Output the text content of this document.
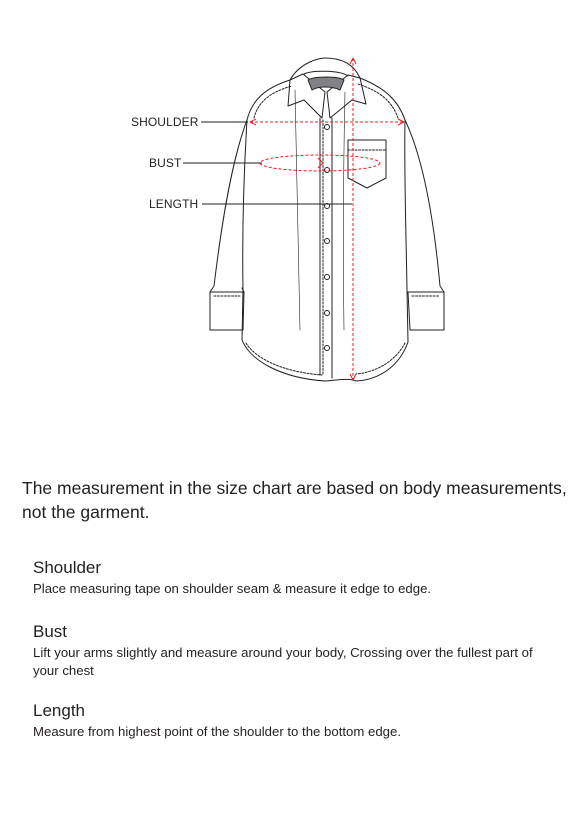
SHOULDER
BUST
LENGTH
The measurement in the size chart are based on body measurements, not the garment.
Shoulder
Place measuring tape on shoulder seam & measure it edge to edge.
Bust
Lift your arms slightly and measure around your body, Crossing over the fullest part of your chest
Length
Measure from highest point of the shoulder to the bottom edge.
